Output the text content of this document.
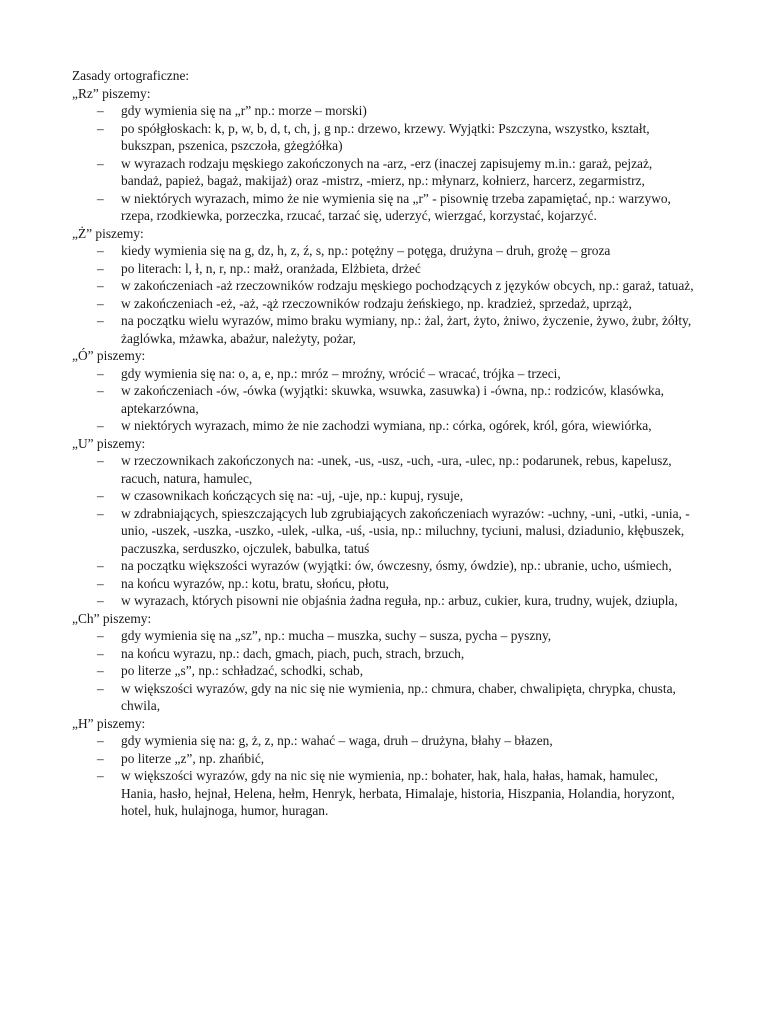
Zasady ortograficzne:

„Rz” piszemy:

– gdy wymienia się na „r” np.: morze – morski)
– po spółgłoskach: k, p, w, b, d, t, ch, j, g np.: drzewo, krzewy. Wyjątki: Pszczyna, wszystko, kształt, bukszpan, pszenica, pszczoła, gżegżółka)
– w wyrazach rodzaju męskiego zakończonych na -arz, -erz (inaczej zapisujemy m.in.: garaż, pejzaż, bandaż, papież, bagaż, makijaż) oraz -mistrz, -mierz, np.: młynarz, kołnierz, harcerz, zegarmistrz,
– w niektórych wyrazach, mimo że nie wymienia się na „r” - pisownię trzeba zapamiętać, np.: warzywo, rzepa, rzodkiewka, porzeczka, rzucać, tarzać się, uderzyć, wierzgać, korzystać, kojarzyć.

„Ż” piszemy:

– kiedy wymienia się na g, dz, h, z, ź, s, np.: potężny – potęga, drużyna – druh, grożę – groza
– po literach: l, ł, n, r, np.: małż, oranżada, Elżbieta, drżeć
– w zakończeniach -aż rzeczowników rodzaju męskiego pochodzących z języków obcych, np.: garaż, tatuaż,
– w zakończeniach -eż, -aż, -ąż rzeczowników rodzaju żeńskiego, np. kradzież, sprzedaż, uprząż,
– na początku wielu wyrazów, mimo braku wymiany, np.: żal, żart, żyto, żniwo, życzenie, żywo, żubr, żółty, żaglówka, mżawka, abażur, należyty, pożar,

„Ó” piszemy:

– gdy wymienia się na: o, a, e, np.: mróz – mroźny, wrócić – wracać, trójka – trzeci,
– w zakończeniach -ów, -ówka (wyjątki: skuwka, wsuwka, zasuwka) i -ówna, np.: rodziców, klasówka, aptekarzówna,
– w niektórych wyrazach, mimo że nie zachodzi wymiana, np.: córka, ogórek, król, góra, wiewiórka,

„U” piszemy:

– w rzeczownikach zakończonych na: -unek, -us, -usz, -uch, -ura, -ulec, np.: podarunek, rebus, kapelusz, racuch, natura, hamulec,
– w czasownikach kończących się na: -uj, -uje, np.: kupuj, rysuje,
– w zdrabniających, spieszczających lub zgrubiających zakończeniach wyrazów: -uchny, -uni, -utki, -unia, -unio, -uszek, -uszka, -uszko, -ulek, -ulka, -uś, -usia, np.: miluchny, tyciuni, malusi, dziadunio, kłębuszek, paczuszka, serduszko, ojczulek, babulka, tatuś
– na początku większości wyrazów (wyjątki: ów, ówczesny, ósmy, ówdzie), np.: ubranie, ucho, uśmiech,
– na końcu wyrazów, np.: kotu, bratu, słońcu, płotu,
– w wyrazach, których pisowni nie objaśnia żadna reguła, np.: arbuz, cukier, kura, trudny, wujek, dziupla,

„Ch” piszemy:

– gdy wymienia się na „sz”, np.: mucha – muszka, suchy – susza, pycha – pyszny,
– na końcu wyrazu, np.: dach, gmach, piach, puch, strach, brzuch,
– po literze „s”, np.: schładzać, schodki, schab,
– w większości wyrazów, gdy na nic się nie wymienia, np.: chmura, chaber, chwalipięta, chrypka, chusta, chwila,

„H” piszemy:

– gdy wymienia się na: g, ż, z, np.: wahać – waga, druh – drużyna, błahy – błazen,
– po literze „z”, np. zhańbić,
– w większości wyrazów, gdy na nic się nie wymienia, np.: bohater, hak, hala, hałas, hamak, hamulec, Hania, hasło, hejnał, Helena, hełm, Henryk, herbata, Himalaje, historia, Hiszpania, Holandia, horyzont, hotel, huk, hulajnoga, humor, huragan.
